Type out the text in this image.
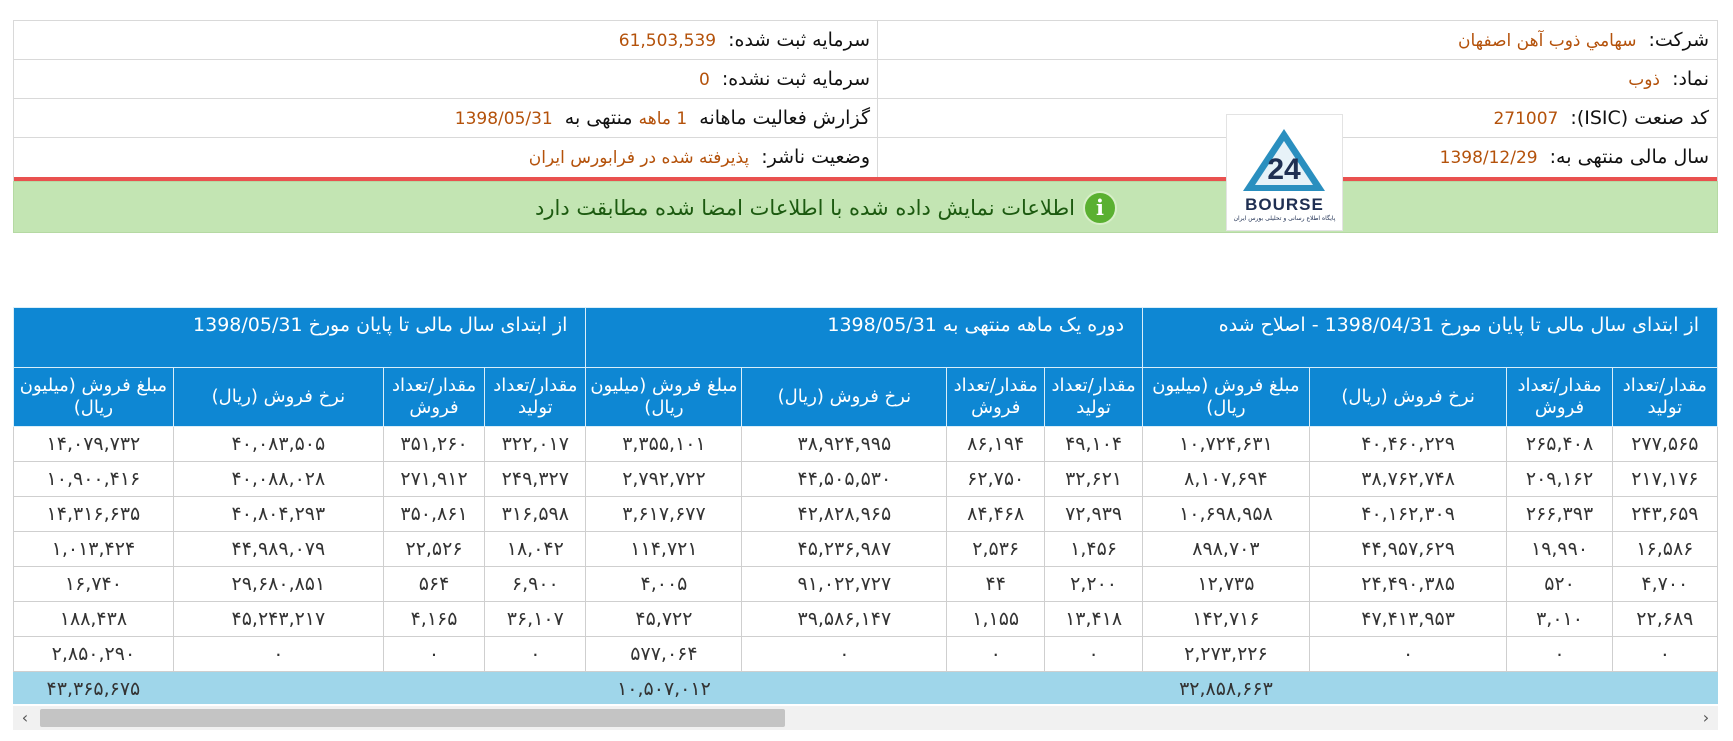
شرکت: سهامي ذوب آهن اصفهان
نماد: ذوب
کد صنعت (ISIC): 271007
سال مالی منتهی به: 1398/12/29
سرمایه ثبت شده: 61,503,539
سرمایه ثبت نشده: 0
گزارش فعالیت ماهانه 1 ماهه منتهی به 1398/05/31
وضعیت ناشر: پذیرفته شده در فرابورس ایران
i
اطلاعات نمایش داده شده با اطلاعات امضا شده مطابقت دارد
24
BOURSE
پایگاه اطلاع رسانی و تحلیلی بورس ایران
از ابتدای سال مالی تا پایان مورخ 1398/04/31 - اصلاح شده				دوره یک ماهه منتهی به 1398/05/31				از ابتدای سال مالی تا پایان مورخ 1398/05/31			
مقدار/تعداد تولید	مقدار/تعداد فروش	نرخ فروش (ریال)	مبلغ فروش (میلیون ریال)	مقدار/تعداد تولید	مقدار/تعداد فروش	نرخ فروش (ریال)	مبلغ فروش (میلیون ریال)	مقدار/تعداد تولید	مقدار/تعداد فروش	نرخ فروش (ریال)	مبلغ فروش (میلیون ریال)
۲۷۷,۵۶۵	۲۶۵,۴۰۸	۴۰,۴۶۰,۲۲۹	۱۰,۷۲۴,۶۳۱	۴۹,۱۰۴	۸۶,۱۹۴	۳۸,۹۲۴,۹۹۵	۳,۳۵۵,۱۰۱	۳۲۲,۰۱۷	۳۵۱,۲۶۰	۴۰,۰۸۳,۵۰۵	۱۴,۰۷۹,۷۳۲
۲۱۷,۱۷۶	۲۰۹,۱۶۲	۳۸,۷۶۲,۷۴۸	۸,۱۰۷,۶۹۴	۳۲,۶۲۱	۶۲,۷۵۰	۴۴,۵۰۵,۵۳۰	۲,۷۹۲,۷۲۲	۲۴۹,۳۲۷	۲۷۱,۹۱۲	۴۰,۰۸۸,۰۲۸	۱۰,۹۰۰,۴۱۶
۲۴۳,۶۵۹	۲۶۶,۳۹۳	۴۰,۱۶۲,۳۰۹	۱۰,۶۹۸,۹۵۸	۷۲,۹۳۹	۸۴,۴۶۸	۴۲,۸۲۸,۹۶۵	۳,۶۱۷,۶۷۷	۳۱۶,۵۹۸	۳۵۰,۸۶۱	۴۰,۸۰۴,۲۹۳	۱۴,۳۱۶,۶۳۵
۱۶,۵۸۶	۱۹,۹۹۰	۴۴,۹۵۷,۶۲۹	۸۹۸,۷۰۳	۱,۴۵۶	۲,۵۳۶	۴۵,۲۳۶,۹۸۷	۱۱۴,۷۲۱	۱۸,۰۴۲	۲۲,۵۲۶	۴۴,۹۸۹,۰۷۹	۱,۰۱۳,۴۲۴
۴,۷۰۰	۵۲۰	۲۴,۴۹۰,۳۸۵	۱۲,۷۳۵	۲,۲۰۰	۴۴	۹۱,۰۲۲,۷۲۷	۴,۰۰۵	۶,۹۰۰	۵۶۴	۲۹,۶۸۰,۸۵۱	۱۶,۷۴۰
۲۲,۶۸۹	۳,۰۱۰	۴۷,۴۱۳,۹۵۳	۱۴۲,۷۱۶	۱۳,۴۱۸	۱,۱۵۵	۳۹,۵۸۶,۱۴۷	۴۵,۷۲۲	۳۶,۱۰۷	۴,۱۶۵	۴۵,۲۴۳,۲۱۷	۱۸۸,۴۳۸
۰	۰	۰	۲,۲۷۳,۲۲۶	۰	۰	۰	۵۷۷,۰۶۴	۰	۰	۰	۲,۸۵۰,۲۹۰
			۳۲,۸۵۸,۶۶۳				۱۰,۵۰۷,۰۱۲				۴۳,۳۶۵,۶۷۵
‹	›
